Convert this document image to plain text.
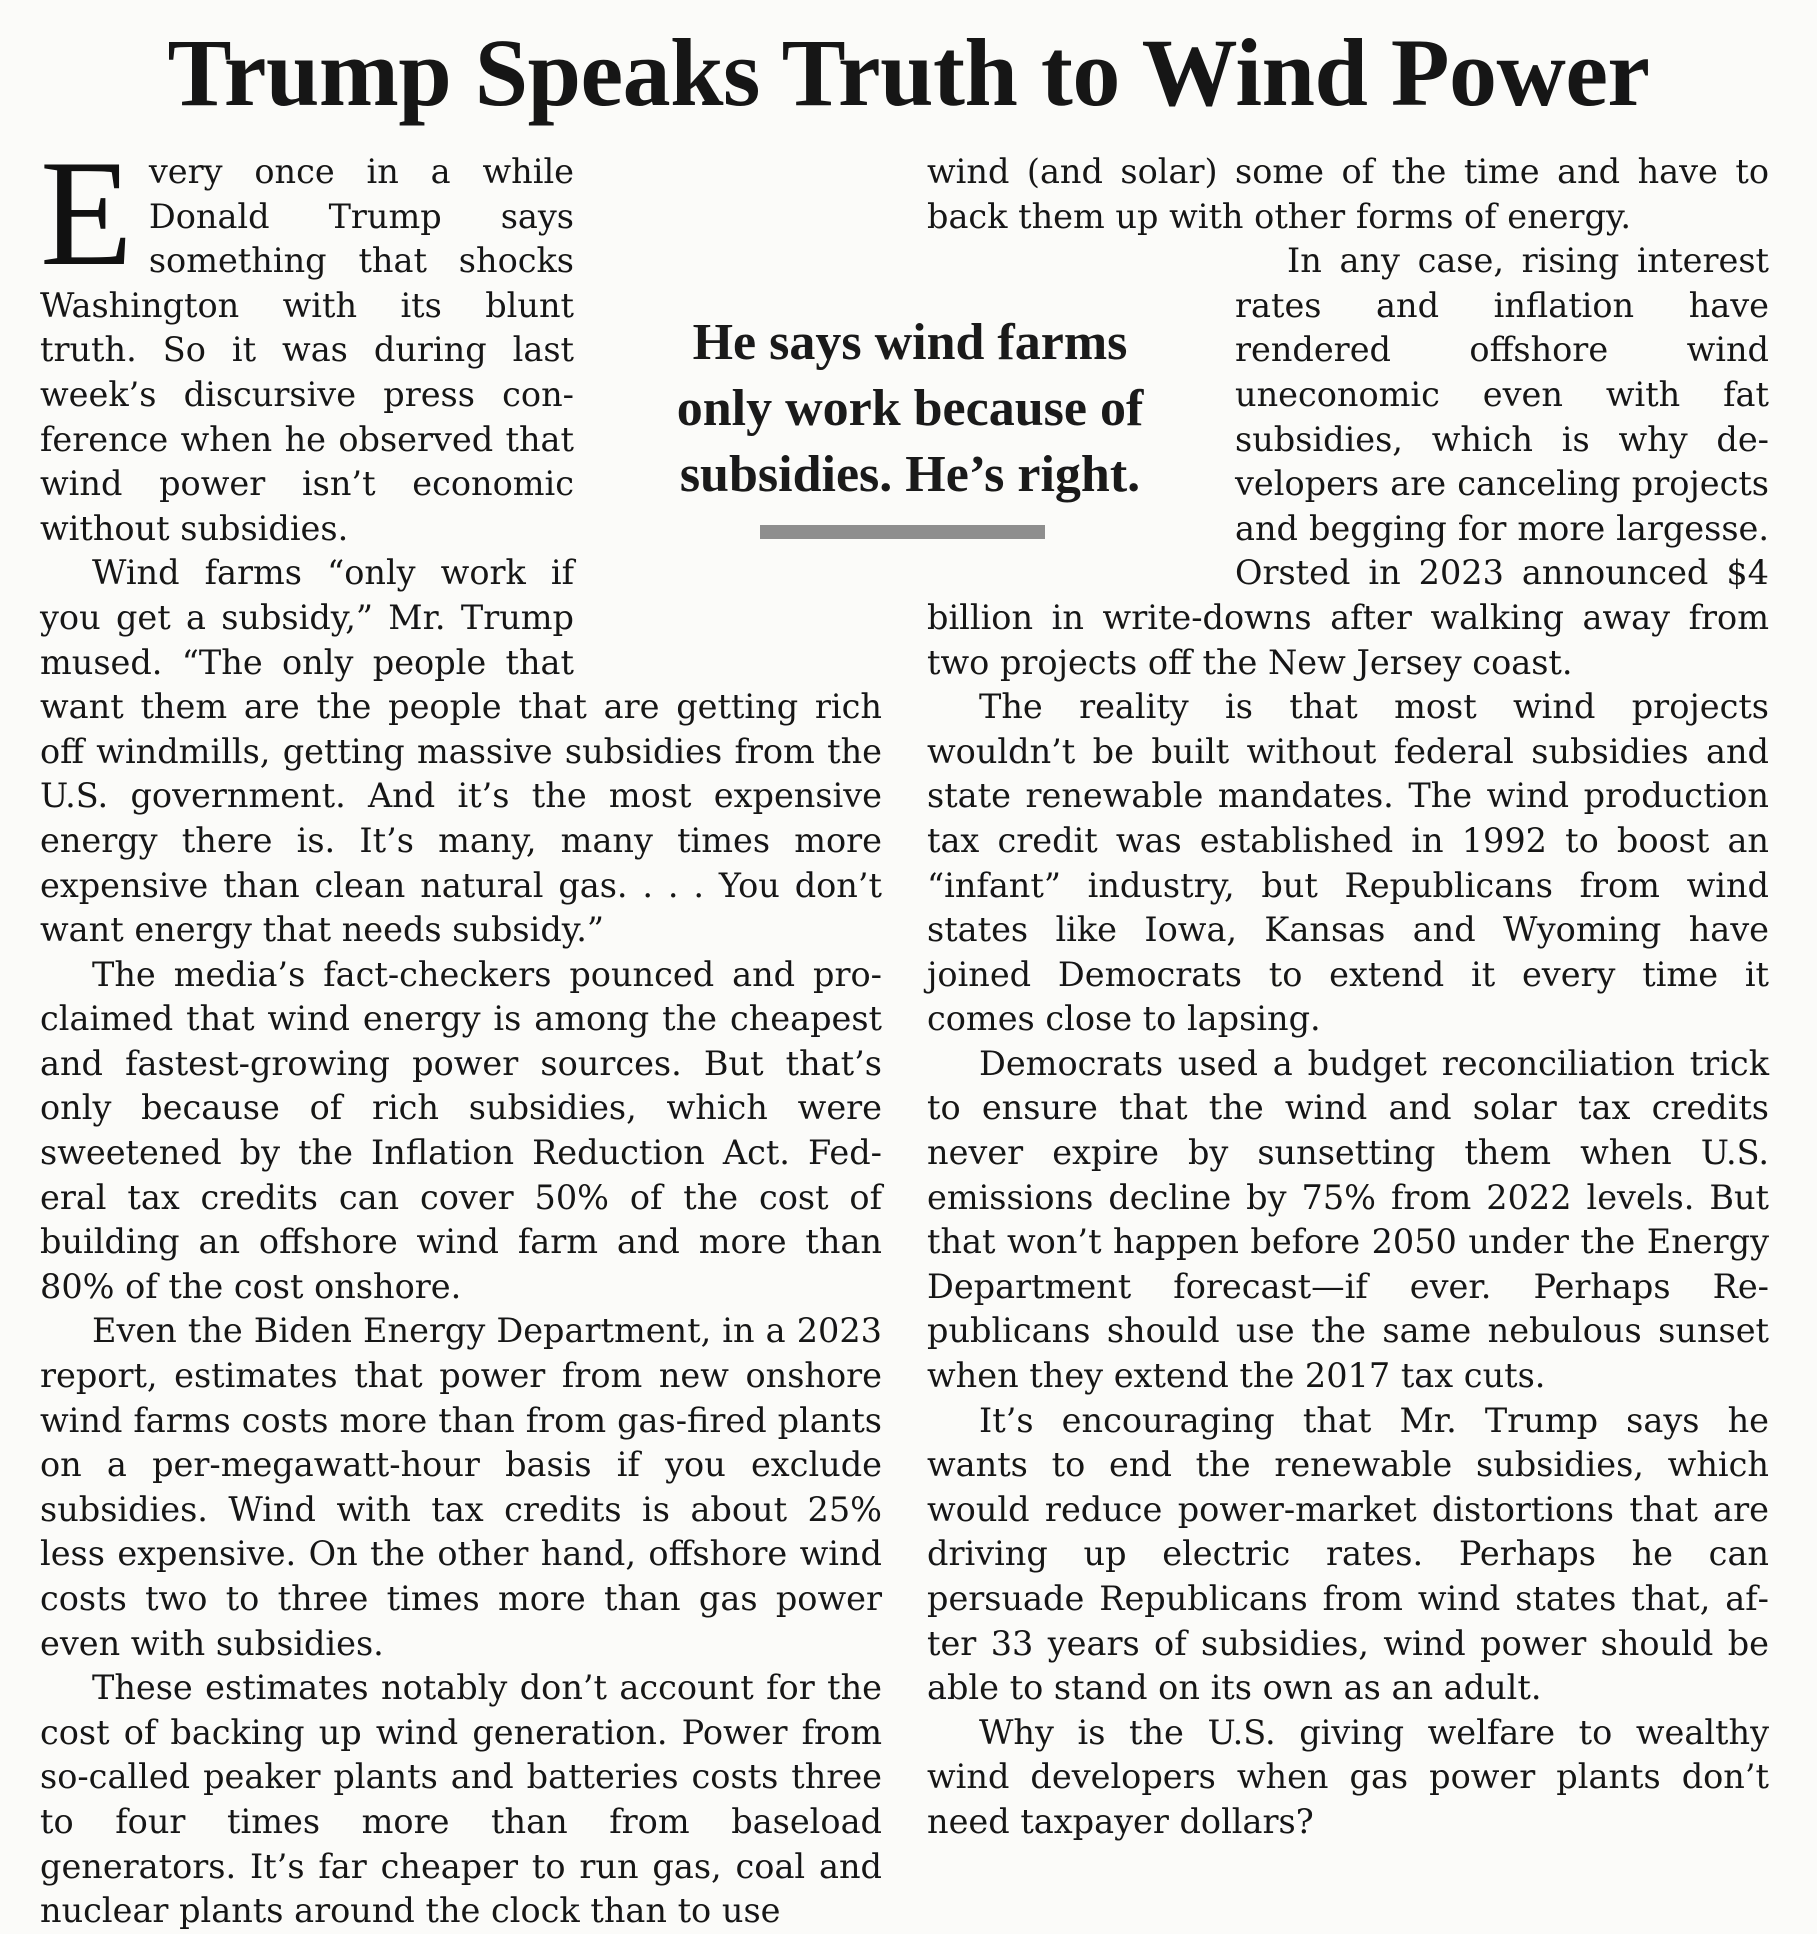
Trump Speaks Truth to Wind Power

Every once in a while Donald Trump says something that shocks Washington with its blunt truth. So it was during last week’s discursive press conference when he observed that wind power isn’t economic without subsidies.

Wind farms “only work if you get a subsidy,” Mr. Trump mused. “The only people that want them are the people that are getting rich off windmills, getting massive subsidies from the U.S. government. And it’s the most expensive energy there is. It’s many, many times more expensive than clean natural gas. . . . You don’t want energy that needs subsidy.”

The media’s fact-checkers pounced and proclaimed that wind energy is among the cheapest and fastest-growing power sources. But that’s only because of rich subsidies, which were sweetened by the Inflation Reduction Act. Federal tax credits can cover 50% of the cost of building an offshore wind farm and more than 80% of the cost onshore.

Even the Biden Energy Department, in a 2023 report, estimates that power from new onshore wind farms costs more than from gas-fired plants on a per-megawatt-hour basis if you exclude subsidies. Wind with tax credits is about 25% less expensive. On the other hand, offshore wind costs two to three times more than gas power even with subsidies.

These estimates notably don’t account for the cost of backing up wind generation. Power from so-called peaker plants and batteries costs three to four times more than from baseload generators. It’s far cheaper to run gas, coal and nuclear plants around the clock than to use

wind (and solar) some of the time and have to back them up with other forms of energy.

In any case, rising interest rates and inflation have rendered offshore wind uneconomic even with fat subsidies, which is why developers are canceling projects and begging for more largesse. Orsted in 2023 announced $4 billion in write-downs after walking away from two projects off the New Jersey coast.

The reality is that most wind projects wouldn’t be built without federal subsidies and state renewable mandates. The wind production tax credit was established in 1992 to boost an “infant” industry, but Republicans from wind states like Iowa, Kansas and Wyoming have joined Democrats to extend it every time it comes close to lapsing.

Democrats used a budget reconciliation trick to ensure that the wind and solar tax credits never expire by sunsetting them when U.S. emissions decline by 75% from 2022 levels. But that won’t happen before 2050 under the Energy Department forecast—if ever. Perhaps Republicans should use the same nebulous sunset when they extend the 2017 tax cuts.

It’s encouraging that Mr. Trump says he wants to end the renewable subsidies, which would reduce power-market distortions that are driving up electric rates. Perhaps he can persuade Republicans from wind states that, after 33 years of subsidies, wind power should be able to stand on its own as an adult.

Why is the U.S. giving welfare to wealthy wind developers when gas power plants don’t need taxpayer dollars?

He says wind farms only work because of subsidies. He’s right.
